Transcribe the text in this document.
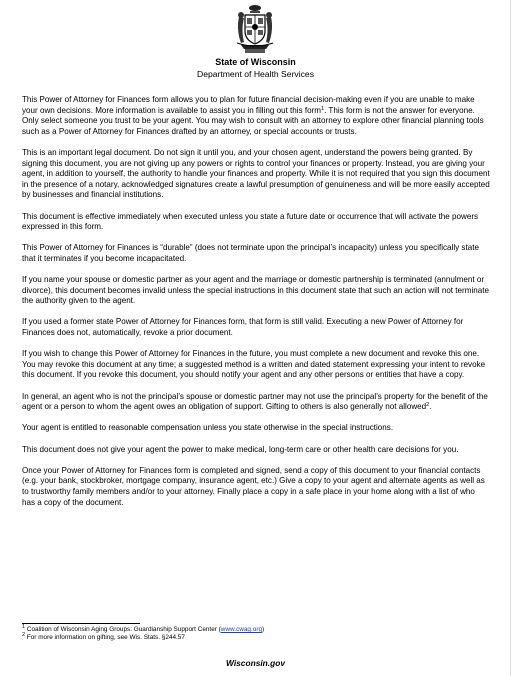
State of Wisconsin
Department of Health Services

This Power of Attorney for Finances form allows you to plan for future financial decision-making even if you are unable to make your own decisions. More information is available to assist you in filling out this form$^1$. This form is not the answer for everyone. Only select someone you trust to be your agent. You may wish to consult with an attorney to explore other financial planning tools such as a Power of Attorney for Finances drafted by an attorney, or special accounts or trusts.

This is an important legal document. Do not sign it until you, and your chosen agent, understand the powers being granted. By signing this document, you are not giving up any powers or rights to control your finances or property. Instead, you are giving your agent, in addition to yourself, the authority to handle your finances and property. While it is not required that you sign this document in the presence of a notary, acknowledged signatures create a lawful presumption of genuineness and will be more easily accepted by businesses and financial institutions.

This document is effective immediately when executed unless you state a future date or occurrence that will activate the powers expressed in this form.

This Power of Attorney for Finances is “durable” (does not terminate upon the principal’s incapacity) unless you specifically state that it terminates if you become incapacitated.

If you name your spouse or domestic partner as your agent and the marriage or domestic partnership is terminated (annulment or divorce), this document becomes invalid unless the special instructions in this document state that such an action will not terminate the authority given to the agent.

If you used a former state Power of Attorney for Finances form, that form is still valid. Executing a new Power of Attorney for Finances does not, automatically, revoke a prior document.

If you wish to change this Power of Attorney for Finances in the future, you must complete a new document and revoke this one. You may revoke this document at any time; a suggested method is a written and dated statement expressing your intent to revoke this document. If you revoke this document, you should notify your agent and any other persons or entities that have a copy.

In general, an agent who is not the principal’s spouse or domestic partner may not use the principal’s property for the benefit of the agent or a person to whom the agent owes an obligation of support. Gifting to others is also generally not allowed$^2$.

Your agent is entitled to reasonable compensation unless you state otherwise in the special instructions.

This document does not give your agent the power to make medical, long-term care or other health care decisions for you.

Once your Power of Attorney for Finances form is completed and signed, send a copy of this document to your financial contacts (e.g. your bank, stockbroker, mortgage company, insurance agent, etc.) Give a copy to your agent and alternate agents as well as to trustworthy family members and/or to your attorney. Finally place a copy in a safe place in your home along with a list of who has a copy of the document.

$^1$ Coalition of Wisconsin Aging Groups: Guardianship Support Center (www.cwag.org)
$^2$ For more information on gifting, see Wis. Stats. §244.57
Wisconsin.gov
